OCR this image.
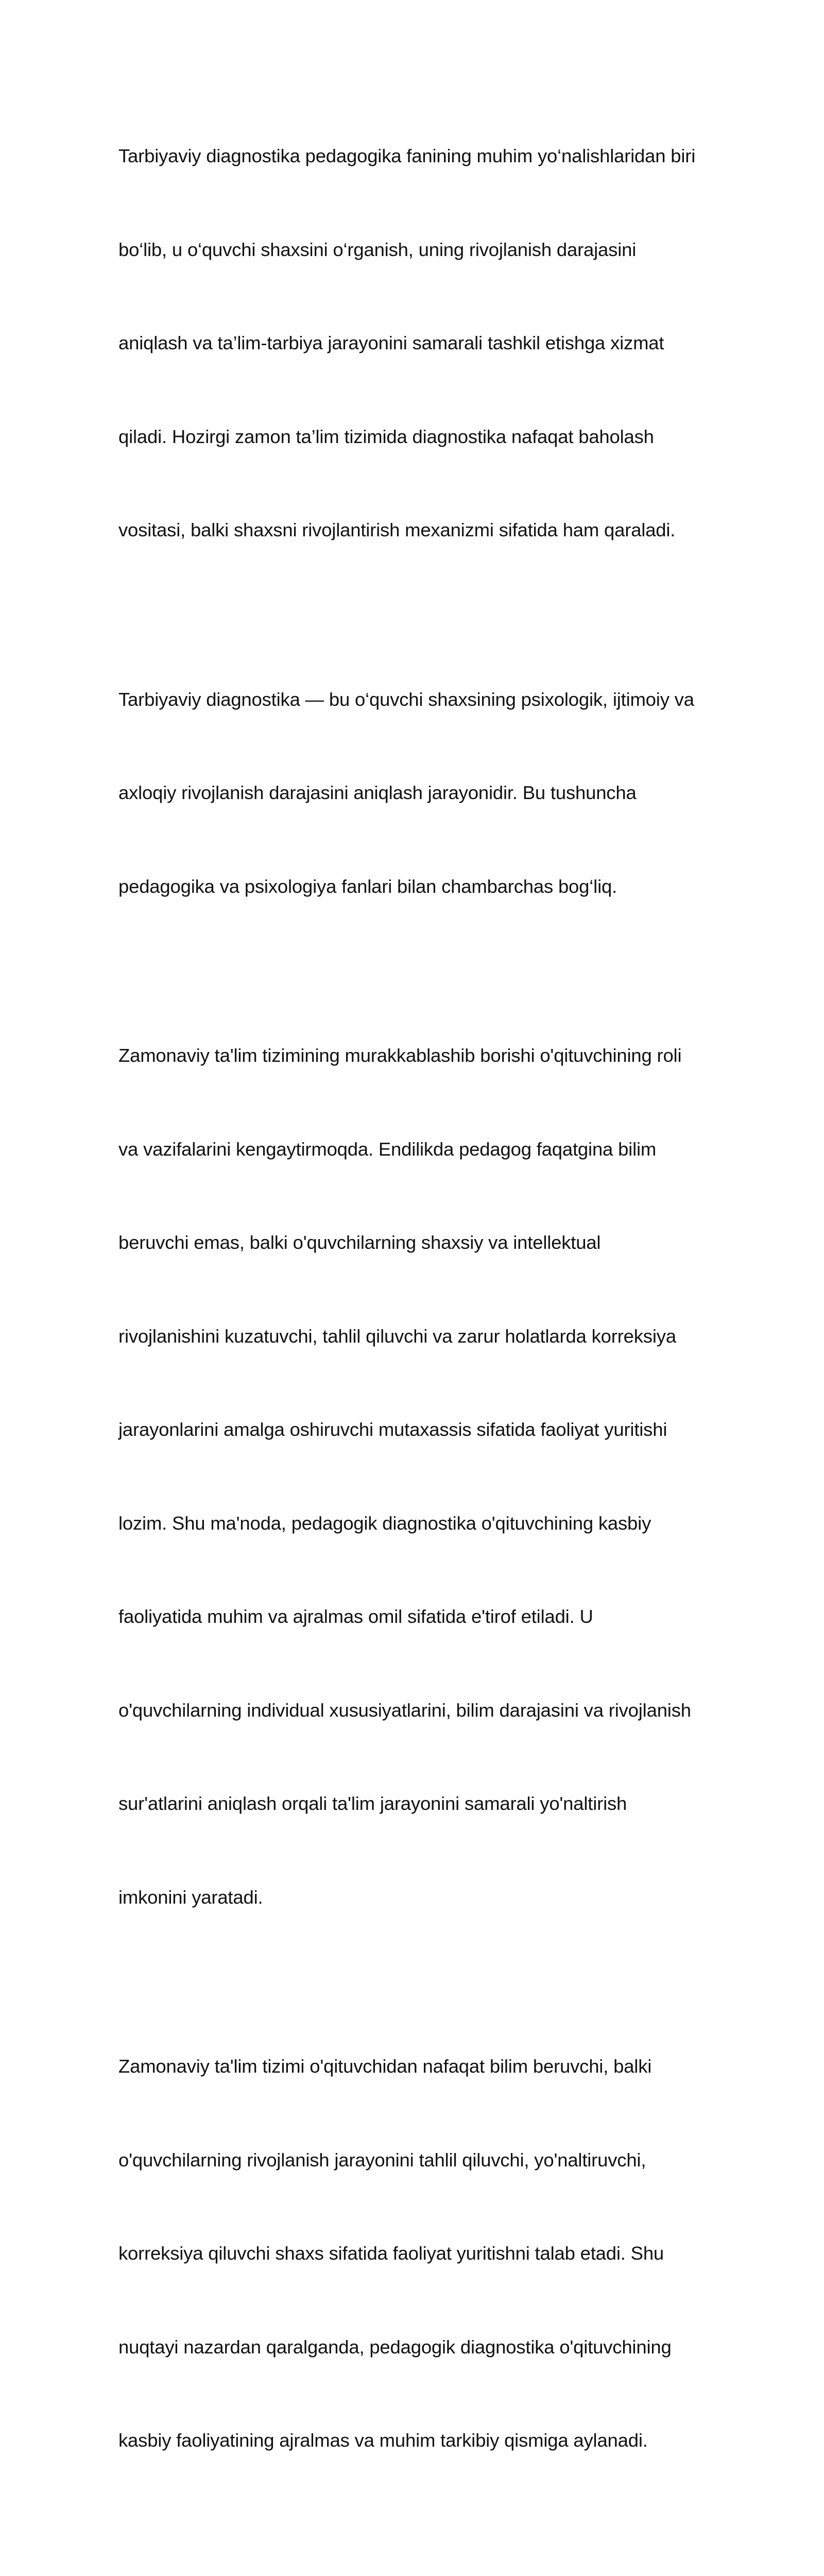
Tarbiyaviy diagnostika pedagogika fanining muhim yo‘nalishlaridan biri

bo‘lib, u o‘quvchi shaxsini o‘rganish, uning rivojlanish darajasini

aniqlash va ta’lim-tarbiya jarayonini samarali tashkil etishga xizmat

qiladi. Hozirgi zamon ta’lim tizimida diagnostika nafaqat baholash

vositasi, balki shaxsni rivojlantirish mexanizmi sifatida ham qaraladi.

Tarbiyaviy diagnostika — bu o‘quvchi shaxsining psixologik, ijtimoiy va

axloqiy rivojlanish darajasini aniqlash jarayonidir. Bu tushuncha

pedagogika va psixologiya fanlari bilan chambarchas bog‘liq.

Zamonaviy ta'lim tizimining murakkablashib borishi o'qituvchining roli

va vazifalarini kengaytirmoqda. Endilikda pedagog faqatgina bilim

beruvchi emas, balki o'quvchilarning shaxsiy va intellektual

rivojlanishini kuzatuvchi, tahlil qiluvchi va zarur holatlarda korreksiya

jarayonlarini amalga oshiruvchi mutaxassis sifatida faoliyat yuritishi

lozim. Shu ma'noda, pedagogik diagnostika o'qituvchining kasbiy

faoliyatida muhim va ajralmas omil sifatida e'tirof etiladi. U

o'quvchilarning individual xususiyatlarini, bilim darajasini va rivojlanish

sur'atlarini aniqlash orqali ta'lim jarayonini samarali yo'naltirish

imkonini yaratadi.

Zamonaviy ta'lim tizimi o'qituvchidan nafaqat bilim beruvchi, balki

o'quvchilarning rivojlanish jarayonini tahlil qiluvchi, yo'naltiruvchi,

korreksiya qiluvchi shaxs sifatida faoliyat yuritishni talab etadi. Shu

nuqtayi nazardan qaralganda, pedagogik diagnostika o'qituvchining

kasbiy faoliyatining ajralmas va muhim tarkibiy qismiga aylanadi.
